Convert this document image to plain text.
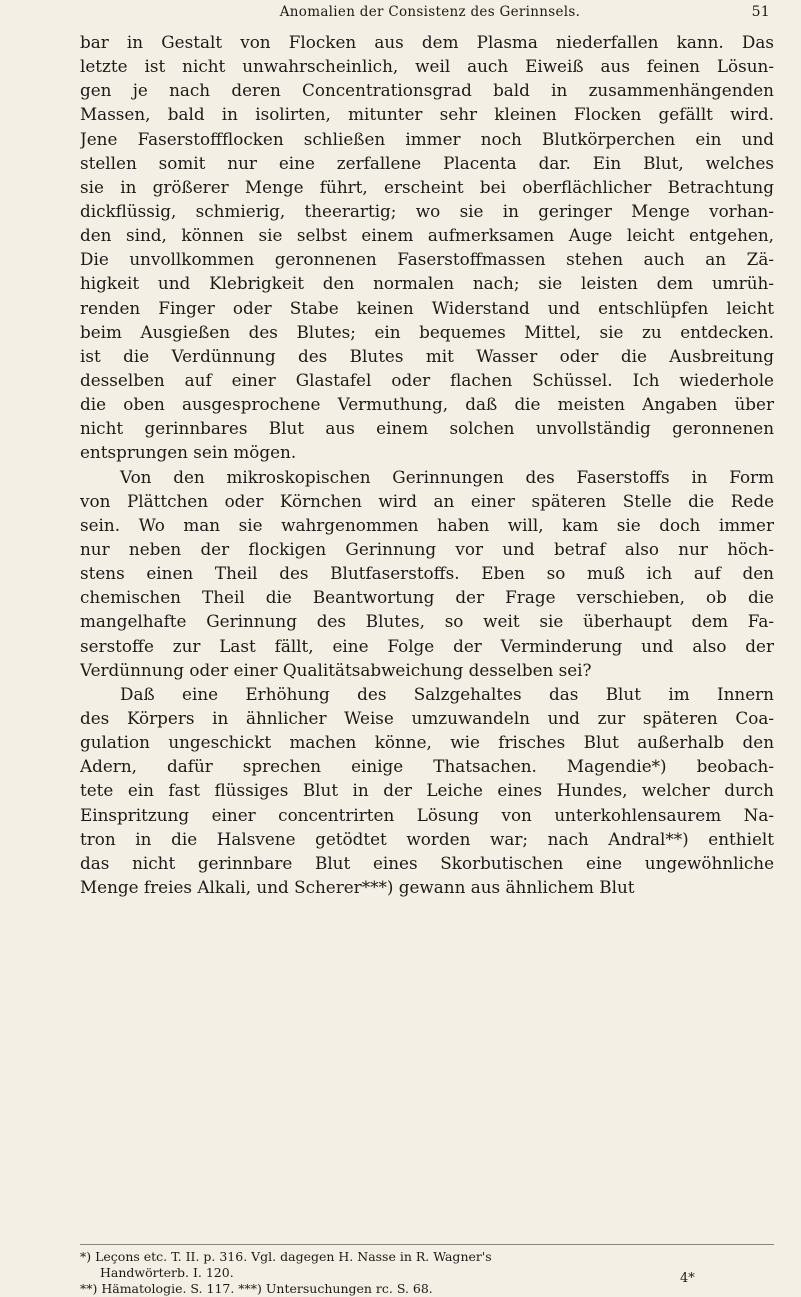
Anomalien der Consistenz des Gerinnsels.	51
bar in Gestalt von Flocken aus dem Plasma niederfallen kann. Das
letzte ist nicht unwahrscheinlich, weil auch Eiweiß aus feinen Lösun-
gen je nach deren Concentrationsgrad bald in zusammenhängenden
Massen, bald in isolirten, mitunter sehr kleinen Flocken gefällt wird.
Jene Faserstoffflocken schließen immer noch Blutkörperchen ein und
stellen somit nur eine zerfallene Placenta dar. Ein Blut, welches
sie in größerer Menge führt, erscheint bei oberflächlicher Betrachtung
dickflüssig, schmierig, theerartig; wo sie in geringer Menge vorhan-
den sind, können sie selbst einem aufmerksamen Auge leicht entgehen,
Die unvollkommen geronnenen Faserstoffmassen stehen auch an Zä-
higkeit und Klebrigkeit den normalen nach; sie leisten dem umrüh-
renden Finger oder Stabe keinen Widerstand und entschlüpfen leicht
beim Ausgießen des Blutes; ein bequemes Mittel, sie zu entdecken.
ist die Verdünnung des Blutes mit Wasser oder die Ausbreitung
desselben auf einer Glastafel oder flachen Schüssel. Ich wiederhole
die oben ausgesprochene Vermuthung, daß die meisten Angaben über
nicht gerinnbares Blut aus einem solchen unvollständig geronnenen
entsprungen sein mögen.
Von den mikroskopischen Gerinnungen des Faserstoffs in Form
von Plättchen oder Körnchen wird an einer späteren Stelle die Rede
sein. Wo man sie wahrgenommen haben will, kam sie doch immer
nur neben der flockigen Gerinnung vor und betraf also nur höch-
stens einen Theil des Blutfaserstoffs. Eben so muß ich auf den
chemischen Theil die Beantwortung der Frage verschieben, ob die
mangelhafte Gerinnung des Blutes, so weit sie überhaupt dem Fa-
serstoffe zur Last fällt, eine Folge der Verminderung und also der
Verdünnung oder einer Qualitätsabweichung desselben sei?
Daß eine Erhöhung des Salzgehaltes das Blut im Innern
des Körpers in ähnlicher Weise umzuwandeln und zur späteren Coa-
gulation ungeschickt machen könne, wie frisches Blut außerhalb den
Adern, dafür sprechen einige Thatsachen. Magendie*) beobach-
tete ein fast flüssiges Blut in der Leiche eines Hundes, welcher durch
Einspritzung einer concentrirten Lösung von unterkohlensaurem Na-
tron in die Halsvene getödtet worden war; nach Andral**) enthielt
das nicht gerinnbare Blut eines Skorbutischen eine ungewöhnliche
Menge freies Alkali, und Scherer***) gewann aus ähnlichem Blut
*) Leçons etc. T. II. p. 316. Vgl. dagegen H. Nasse in R. Wagner's
Handwörterb. I. 120.
**) Hämatologie. S. 117. ***) Untersuchungen rc. S. 68.
4*
